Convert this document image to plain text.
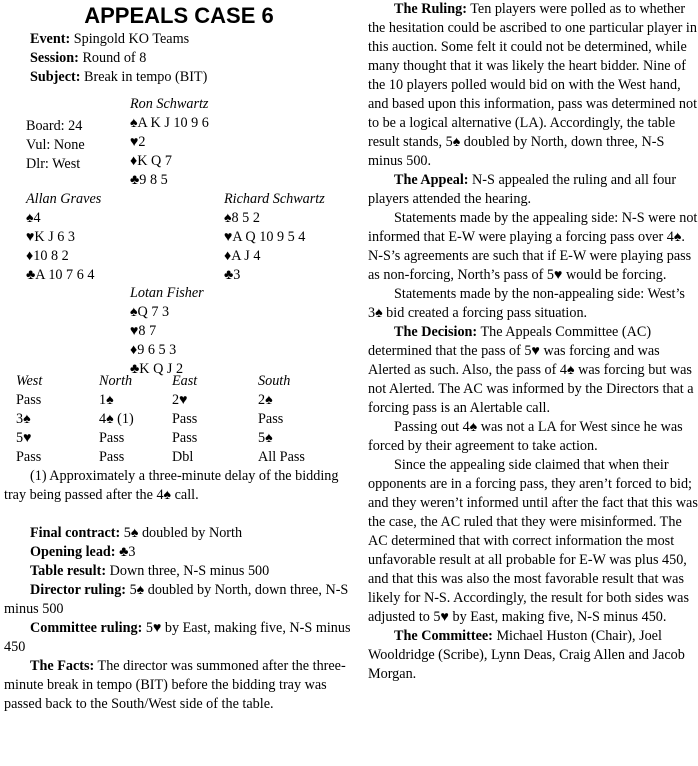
APPEALS CASE 6
Event: Spingold KO Teams
Session: Round of 8
Subject: Break in tempo (BIT)
Ron Schwartz
♠A K J 10 9 6
♥2
♦K Q 7
♣9 8 5
Board: 24
Vul: None
Dlr: West
Allan Graves
♠4
♥K J 6 3
♦10 8 2
♣A 10 7 6 4
Richard Schwartz
♠8 5 2
♥A Q 10 9 5 4
♦A J 4
♣3
Lotan Fisher
♠Q 7 3
♥8 7
♦9 6 5 3
♣K Q J 2
West	North	East	South
Pass	1♠	2♥	2♠
3♠	4♠ (1)	Pass	Pass
5♥	Pass	Pass	5♠
Pass	Pass	Dbl	All Pass

(1) Approximately a three-minute delay of the bidding tray being passed after the 4♠ call.

Final contract: 5♠ doubled by North

Opening lead: ♣3

Table result: Down three, N-S minus 500

Director ruling: 5♠ doubled by North, down three, N-S minus 500

Committee ruling: 5♥ by East, making five, N-S minus 450

The Facts: The director was summoned after the three- minute break in tempo (BIT) before the bidding tray was passed back to the South/West side of the table.

The Ruling: Ten players were polled as to whether the hesitation could be ascribed to one particular player in this auction. Some felt it could not be determined, while many thought that it was likely the heart bidder. Nine of the 10 players polled would bid on with the West hand, and based upon this information, pass was determined not to be a logical alternative (LA). Accordingly, the table result stands, 5♠ doubled by North, down three, N-S minus 500.

The Appeal: N-S appealed the ruling and all four players attended the hearing.

Statements made by the appealing side: N-S were not informed that E-W were playing a forcing pass over 4♠. N-S’s agreements are such that if E-W were playing pass as non-forcing, North’s pass of 5♥ would be forcing.

Statements made by the non-appealing side: West’s 3♠ bid created a forcing pass situation.

The Decision: The Appeals Committee (AC) determined that the pass of 5♥ was forcing and was Alerted as such. Also, the pass of 4♠ was forcing but was not Alerted. The AC was informed by the Directors that a forcing pass is an Alertable call.

Passing out 4♠ was not a LA for West since he was forced by their agreement to take action.

Since the appealing side claimed that when their opponents are in a forcing pass, they aren’t forced to bid; and they weren’t informed until after the fact that this was the case, the AC ruled that they were misinformed. The AC determined that with correct information the most unfavorable result at all probable for E-W was plus 450, and that this was also the most favorable result that was likely for N-S. Accordingly, the result for both sides was adjusted to 5♥ by East, making five, N-S minus 450.

The Committee: Michael Huston (Chair), Joel Wooldridge (Scribe), Lynn Deas, Craig Allen and Jacob Morgan.
